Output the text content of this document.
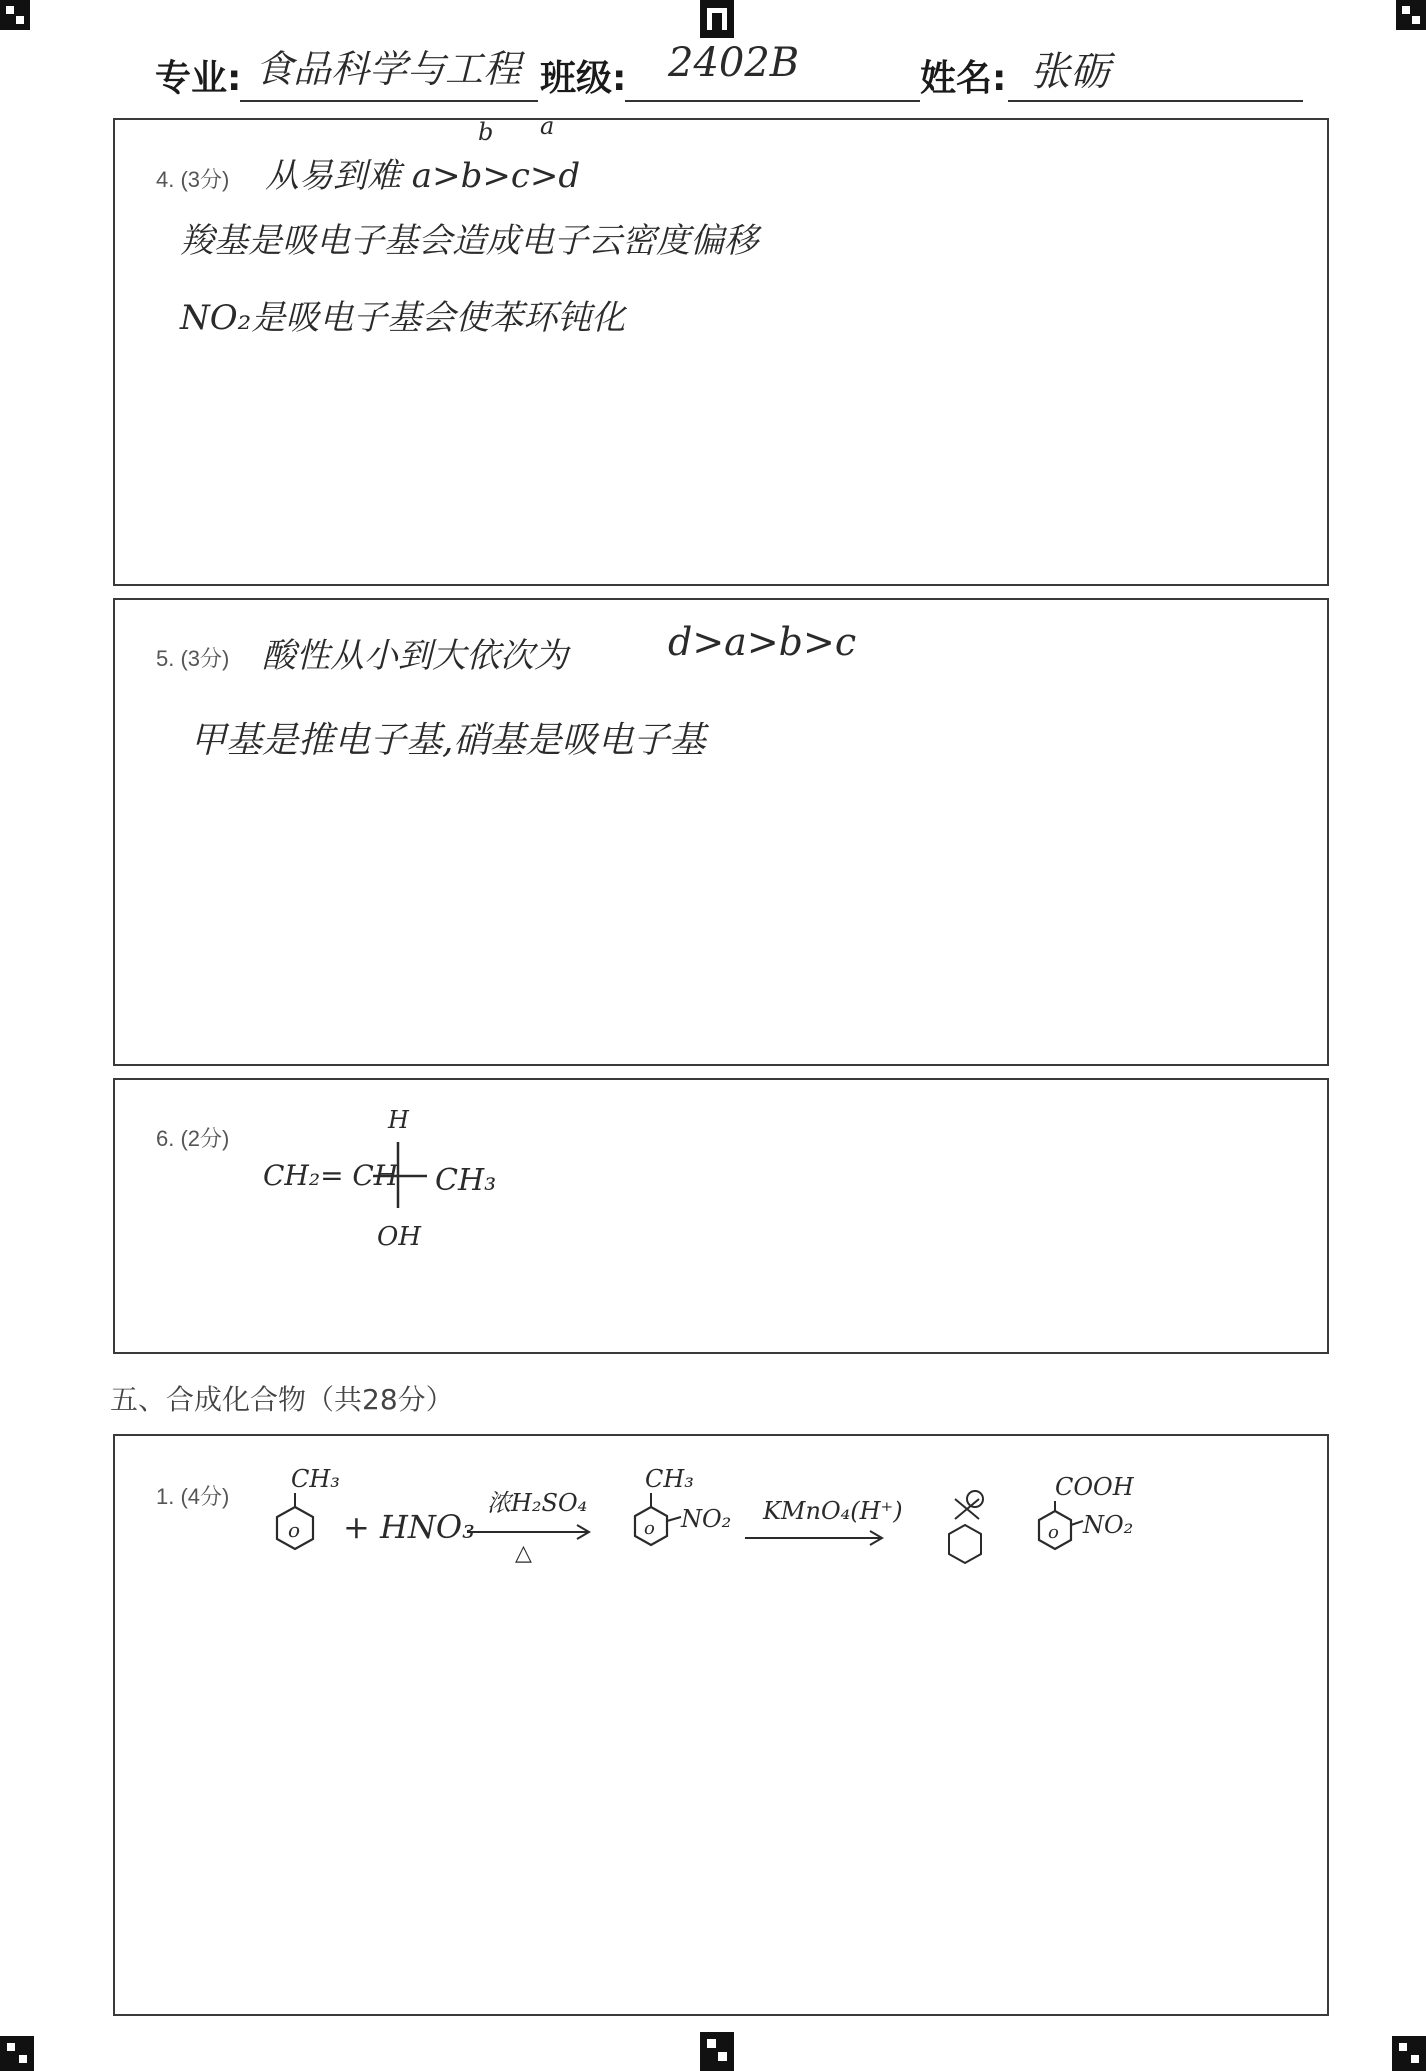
专业: 食品科学与工程 班级: 2402B	姓名: 张砺
4. (3分)
b a
从易到难 a>b>c>d
羧基是吸电子基会造成电子云密度偏移
NO₂是吸电子基会使苯环钝化
5. (3分) 酸性从小到大依次为	d>a>b>c
甲基是推电子基,硝基是吸电子基
6. (2分)
H
CH₂= CH CH₃
OH
五、合成化合物（共28分）
1. (4分)
CH₃
o + HNO₃
浓H₂SO₄
△
CH₃
o NO₂ KMnO₄(H⁺)
COOH
o NO₂
